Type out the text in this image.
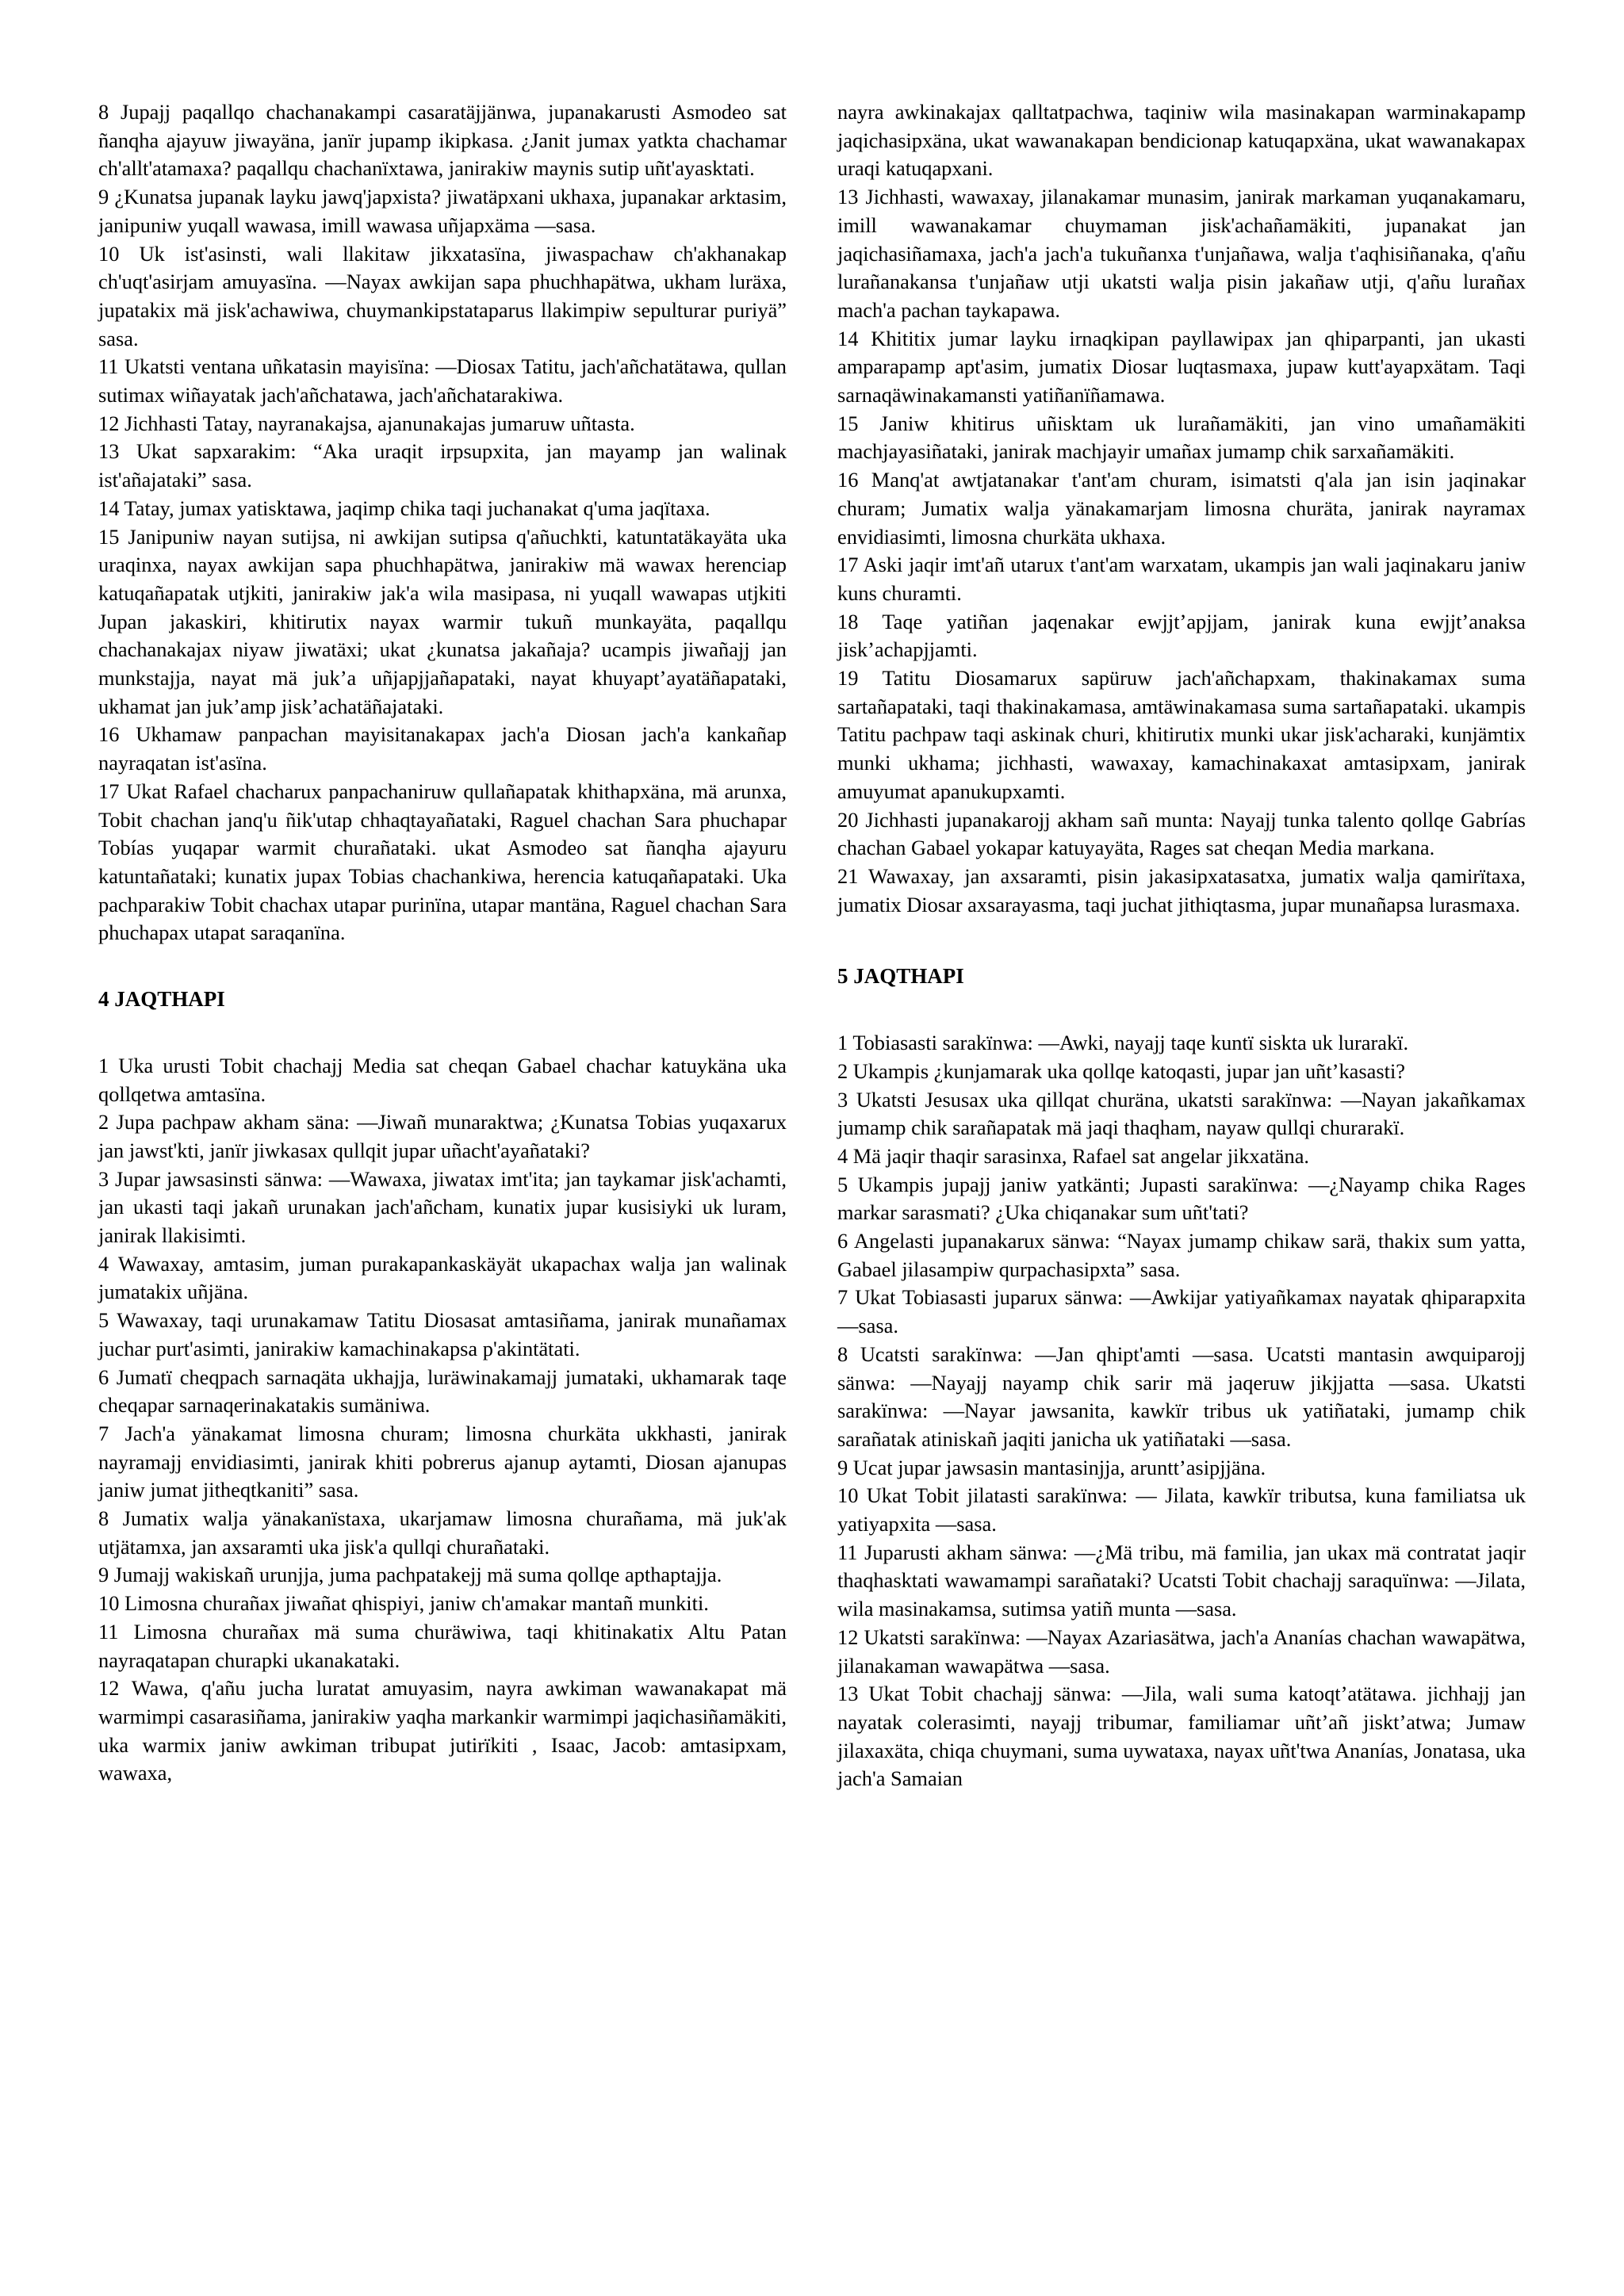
8 Jupajj paqallqo chachanakampi casaratäjjänwa, jupanakarusti Asmodeo sat ñanqha ajayuw jiwayäna, janïr jupamp ikipkasa. ¿Janit jumax yatkta chachamar ch'allt'atamaxa? paqallqu chachanïxtawa, janirakiw maynis sutip uñt'ayasktati.

9 ¿Kunatsa jupanak layku jawq'japxista? jiwatäpxani ukhaxa, jupanakar arktasim, janipuniw yuqall wawasa, imill wawasa uñjapxäma —sasa.

10 Uk ist'asinsti, wali llakitaw jikxatasïna, jiwaspachaw ch'akhanakap ch'uqt'asirjam amuyasïna. —Nayax awkijan sapa phuchhapätwa, ukham luräxa, jupatakix mä jisk'achawiwa, chuymankipstataparus llakimpiw sepulturar puriyä” sasa.

11 Ukatsti ventana uñkatasin mayisïna: —Diosax Tatitu, jach'añchatätawa, qullan sutimax wiñayatak jach'añchatawa, jach'añchatarakiwa.

12 Jichhasti Tatay, nayranakajsa, ajanunakajas jumaruw uñtasta.

13 Ukat sapxarakim: “Aka uraqit irpsupxita, jan mayamp jan walinak ist'añajataki” sasa.

14 Tatay, jumax yatisktawa, jaqimp chika taqi juchanakat q'uma jaqïtaxa.

15 Janipuniw nayan sutijsa, ni awkijan sutipsa q'añuchkti, katuntatäkayäta uka uraqinxa, nayax awkijan sapa phuchhapätwa, janirakiw mä wawax herenciap katuqañapatak utjkiti, janirakiw jak'a wila masipasa, ni yuqall wawapas utjkiti Jupan jakaskiri, khitirutix nayax warmir tukuñ munkayäta, paqallqu chachanakajax niyaw jiwatäxi; ukat ¿kunatsa jakañaja? ucampis jiwañajj jan munkstajja, nayat mä juk’a uñjapjjañapataki, nayat khuyapt’ayatäñapataki, ukhamat jan juk’amp jisk’achatäñajataki.

16 Ukhamaw panpachan mayisitanakapax jach'a Diosan jach'a kankañap nayraqatan ist'asïna.

17 Ukat Rafael chacharux panpachaniruw qullañapatak khithapxäna, mä arunxa, Tobit chachan janq'u ñik'utap chhaqtayañataki, Raguel chachan Sara phuchapar Tobías yuqapar warmit churañataki. ukat Asmodeo sat ñanqha ajayuru katuntañataki; kunatix jupax Tobias chachankiwa, herencia katuqañapataki. Uka pachparakiw Tobit chachax utapar purinïna, utapar mantäna, Raguel chachan Sara phuchapax utapat saraqanïna.

4 JAQTHAPI

1 Uka urusti Tobit chachajj Media sat cheqan Gabael chachar katuykäna uka qollqetwa amtasïna.

2 Jupa pachpaw akham säna: —Jiwañ munaraktwa; ¿Kunatsa Tobias yuqaxarux jan jawst'kti, janïr jiwkasax qullqit jupar uñacht'ayañataki?

3 Jupar jawsasinsti sänwa: —Wawaxa, jiwatax imt'ita; jan taykamar jisk'achamti, jan ukasti taqi jakañ urunakan jach'añcham, kunatix jupar kusisiyki uk luram, janirak llakisimti.

4 Wawaxay, amtasim, juman purakapankaskäyät ukapachax walja jan walinak jumatakix uñjäna.

5 Wawaxay, taqi urunakamaw Tatitu Diosasat amtasiñama, janirak munañamax juchar purt'asimti, janirakiw kamachinakapsa p'akintätati.

6 Jumatï cheqpach sarnaqäta ukhajja, luräwinakamajj jumataki, ukhamarak taqe cheqapar sarnaqerinakatakis sumäniwa.

7 Jach'a yänakamat limosna churam; limosna churkäta ukkhasti, janirak nayramajj envidiasimti, janirak khiti pobrerus ajanup aytamti, Diosan ajanupas janiw jumat jitheqtkaniti” sasa.

8 Jumatix walja yänakanïstaxa, ukarjamaw limosna churañama, mä juk'ak utjätamxa, jan axsaramti uka jisk'a qullqi churañataki.

9 Jumajj wakiskañ urunjja, juma pachpatakejj mä suma qollqe apthaptajja.

10 Limosna churañax jiwañat qhispiyi, janiw ch'amakar mantañ munkiti.

11 Limosna churañax mä suma churäwiwa, taqi khitinakatix Altu Patan nayraqatapan churapki ukanakataki.

12 Wawa, q'añu jucha luratat amuyasim, nayra awkiman wawanakapat mä warmimpi casarasiñama, janirakiw yaqha markankir warmimpi jaqichasiñamäkiti, uka warmix janiw awkiman tribupat jutirïkiti , Isaac, Jacob: amtasipxam, wawaxa,

nayra awkinakajax qalltatpachwa, taqiniw wila masinakapan warminakapamp jaqichasipxäna, ukat wawanakapan bendicionap katuqapxäna, ukat wawanakapax uraqi katuqapxani.

13 Jichhasti, wawaxay, jilanakamar munasim, janirak markaman yuqanakamaru, imill wawanakamar chuymaman jisk'achañamäkiti, jupanakat jan jaqichasiñamaxa, jach'a jach'a tukuñanxa t'unjañawa, walja t'aqhisiñanaka, q'añu lurañanakansa t'unjañaw utji ukatsti walja pisin jakañaw utji, q'añu lurañax mach'a pachan taykapawa.

14 Khititix jumar layku irnaqkipan payllawipax jan qhiparpanti, jan ukasti amparapamp apt'asim, jumatix Diosar luqtasmaxa, jupaw kutt'ayapxätam. Taqi sarnaqäwinakamansti yatiñanïñamawa.

15 Janiw khitirus uñisktam uk lurañamäkiti, jan vino umañamäkiti machjayasiñataki, janirak machjayir umañax jumamp chik sarxañamäkiti.

16 Manq'at awtjatanakar t'ant'am churam, isimatsti q'ala jan isin jaqinakar churam; Jumatix walja yänakamarjam limosna churäta, janirak nayramax envidiasimti, limosna churkäta ukhaxa.

17 Aski jaqir imt'añ utarux t'ant'am warxatam, ukampis jan wali jaqinakaru janiw kuns churamti.

18 Taqe yatiñan jaqenakar ewjjt’apjjam, janirak kuna ewjjt’anaksa jisk’achapjjamti.

19 Tatitu Diosamarux sapüruw jach'añchapxam, thakinakamax suma sartañapataki, taqi thakinakamasa, amtäwinakamasa suma sartañapataki. ukampis Tatitu pachpaw taqi askinak churi, khitirutix munki ukar jisk'acharaki, kunjämtix munki ukhama; jichhasti, wawaxay, kamachinakaxat amtasipxam, janirak amuyumat apanukupxamti.

20 Jichhasti jupanakarojj akham sañ munta: Nayajj tunka talento qollqe Gabrías chachan Gabael yokapar katuyayäta, Rages sat cheqan Media markana.

21 Wawaxay, jan axsaramti, pisin jakasipxatasatxa, jumatix walja qamirïtaxa, jumatix Diosar axsarayasma, taqi juchat jithiqtasma, jupar munañapsa lurasmaxa.

5 JAQTHAPI

1 Tobiasasti sarakïnwa: —Awki, nayajj taqe kuntï siskta uk lurarakï.

2 Ukampis ¿kunjamarak uka qollqe katoqasti, jupar jan uñt’kasasti?

3 Ukatsti Jesusax uka qillqat churäna, ukatsti sarakïnwa: —Nayan jakañkamax jumamp chik sarañapatak mä jaqi thaqham, nayaw qullqi churarakï.

4 Mä jaqir thaqir sarasinxa, Rafael sat angelar jikxatäna.

5 Ukampis jupajj janiw yatkänti; Jupasti sarakïnwa: —¿Nayamp chika Rages markar sarasmati? ¿Uka chiqanakar sum uñt'tati?

6 Angelasti jupanakarux sänwa: “Nayax jumamp chikaw sarä, thakix sum yatta, Gabael jilasampiw qurpachasipxta” sasa.

7 Ukat Tobiasasti juparux sänwa: —Awkijar yatiyañkamax nayatak qhiparapxita —sasa.

8 Ucatsti sarakïnwa: —Jan qhipt'amti —sasa. Ucatsti mantasin awquiparojj sänwa: —Nayajj nayamp chik sarir mä jaqeruw jikjjatta —sasa. Ukatsti sarakïnwa: —Nayar jawsanita, kawkïr tribus uk yatiñataki, jumamp chik sarañatak atiniskañ jaqiti janicha uk yatiñataki —sasa.

9 Ucat jupar jawsasin mantasinjja, aruntt’asipjjäna.

10 Ukat Tobit jilatasti sarakïnwa: — Jilata, kawkïr tributsa, kuna familiatsa uk yatiyapxita —sasa.

11 Juparusti akham sänwa: —¿Mä tribu, mä familia, jan ukax mä contratat jaqir thaqhasktati wawamampi sarañataki? Ucatsti Tobit chachajj saraquïnwa: —Jilata, wila masinakamsa, sutimsa yatiñ munta —sasa.

12 Ukatsti sarakïnwa: —Nayax Azariasätwa, jach'a Ananías chachan wawapätwa, jilanakaman wawapätwa —sasa.

13 Ukat Tobit chachajj sänwa: —Jila, wali suma katoqt’atätawa. jichhajj jan nayatak colerasimti, nayajj tribumar, familiamar uñt’añ jiskt’atwa; Jumaw jilaxaxäta, chiqa chuymani, suma uywataxa, nayax uñt'twa Ananías, Jonatasa, uka jach'a Samaian
